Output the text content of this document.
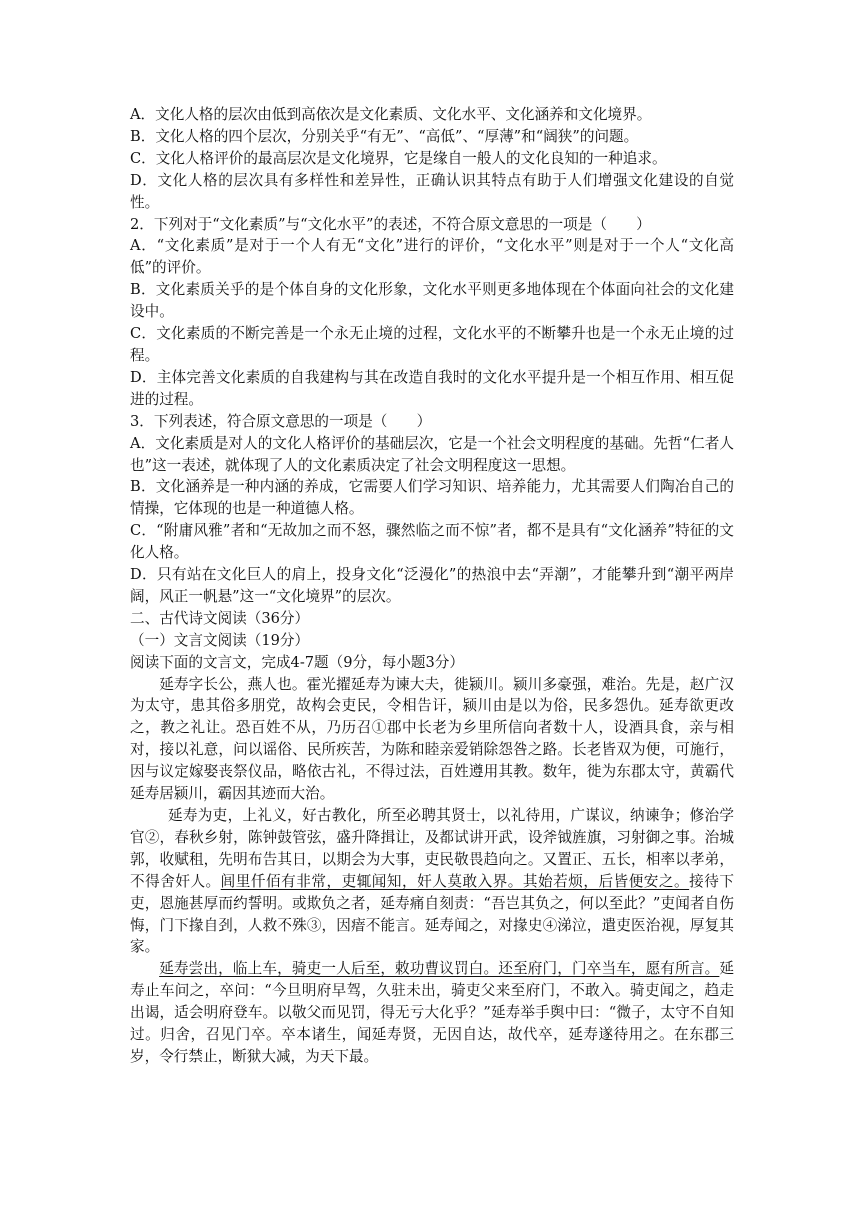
A．文化人格的层次由低到高依次是文化素质、文化水平、文化涵养和文化境界。

B．文化人格的四个层次，分别关乎“有无”、“高低”、“厚薄”和“阔狭”的问题。

C．文化人格评价的最高层次是文化境界，它是缘自一般人的文化良知的一种追求。

D．文化人格的层次具有多样性和差异性，正确认识其特点有助于人们增强文化建设的自觉性。

2．下列对于“文化素质”与“文化水平”的表述，不符合原文意思的一项是（　　）

A．“文化素质”是对于一个人有无“文化”进行的评价，“文化水平”则是对于一个人“文化高低”的评价。

B．文化素质关乎的是个体自身的文化形象，文化水平则更多地体现在个体面向社会的文化建设中。

C．文化素质的不断完善是一个永无止境的过程，文化水平的不断攀升也是一个永无止境的过程。

D．主体完善文化素质的自我建构与其在改造自我时的文化水平提升是一个相互作用、相互促进的过程。

3．下列表述，符合原文意思的一项是（　　）

A．文化素质是对人的文化人格评价的基础层次，它是一个社会文明程度的基础。先哲“仁者人也”这一表述，就体现了人的文化素质决定了社会文明程度这一思想。

B．文化涵养是一种内涵的养成，它需要人们学习知识、培养能力，尤其需要人们陶冶自己的情操，它体现的也是一种道德人格。

C．“附庸风雅”者和“无故加之而不怒，骤然临之而不惊”者，都不是具有“文化涵养”特征的文化人格。

D．只有站在文化巨人的肩上，投身文化“泛漫化”的热浪中去“弄潮”，才能攀升到“潮平两岸阔，风正一帆悬”这一“文化境界”的层次。

二、古代诗文阅读（36分）

（一）文言文阅读（19分）

阅读下面的文言文，完成4-7题（9分，每小题3分）

延寿字长公，燕人也。霍光擢延寿为谏大夫，徙颍川。颍川多豪强，难治。先是，赵广汉为太守，患其俗多朋党，故构会吏民，令相告讦，颍川由是以为俗，民多怨仇。延寿欲更改之，教之礼让。恐百姓不从，乃历召①郡中长老为乡里所信向者数十人，设酒具食，亲与相对，接以礼意，问以谣俗、民所疾苦，为陈和睦亲爱销除怨咎之路。长老皆双为便，可施行，因与议定嫁娶丧祭仪品，略依古礼，不得过法，百姓遵用其教。数年，徙为东郡太守，黄霸代延寿居颍川，霸因其迹而大治。

延寿为吏，上礼义，好古教化，所至必聘其贤士，以礼待用，广谋议，纳谏争；修治学官②，春秋乡射，陈钟鼓管弦，盛升降揖让，及都试讲开武，设斧钺旌旗，习射御之事。治城郭，收赋租，先明布告其日，以期会为大事，吏民敬畏趋向之。又置正、五长，相率以孝弟，不得舍奸人。闾里仟佰有非常，吏辄闻知，奸人莫敢入界。其始若烦，后皆便安之。接待下吏，恩施甚厚而约誓明。或欺负之者，延寿痛自刻责：“吾岂其负之，何以至此？”吏闻者自伤悔，门下掾自刭，人救不殊③，因瘖不能言。延寿闻之，对掾史④涕泣，遣吏医治视，厚复其家。

延寿尝出，临上车，骑吏一人后至，敕功曹议罚白。还至府门，门卒当车，愿有所言。延寿止车问之，卒问：“今旦明府早驾，久驻未出，骑吏父来至府门，不敢入。骑吏闻之，趋走出谒，适会明府登车。以敬父而见罚，得无亏大化乎？”延寿举手舆中曰：“微子，太守不自知过。归舍，召见门卒。卒本诸生，闻延寿贤，无因自达，故代卒，延寿遂待用之。在东郡三岁，令行禁止，断狱大减，为天下最。
